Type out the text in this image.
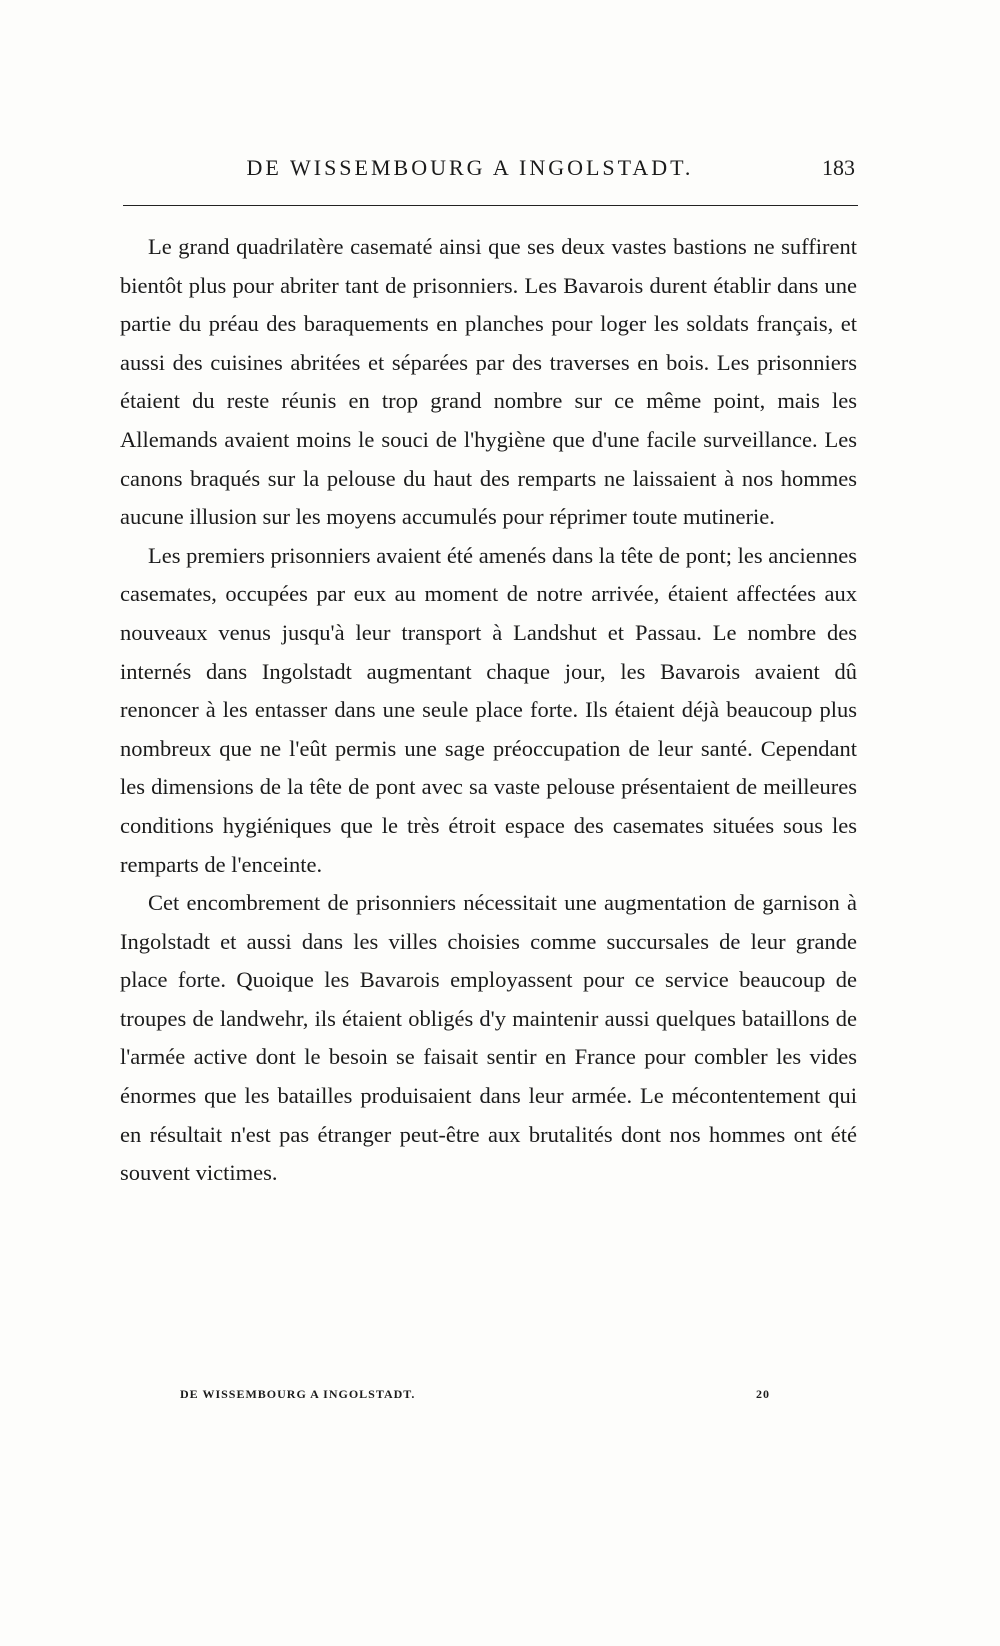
DE WISSEMBOURG A INGOLSTADT.	183

Le grand quadrilatère casematé ainsi que ses deux vastes bastions ne suffirent bientôt plus pour abriter tant de prisonniers. Les Bavarois durent établir dans une partie du préau des baraquements en planches pour loger les soldats français, et aussi des cuisines abritées et séparées par des traverses en bois. Les prisonniers étaient du reste réunis en trop grand nombre sur ce même point, mais les Allemands avaient moins le souci de l'hygiène que d'une facile surveillance. Les canons braqués sur la pelouse du haut des remparts ne laissaient à nos hommes aucune illusion sur les moyens accumulés pour réprimer toute mutinerie.

Les premiers prisonniers avaient été amenés dans la tête de pont; les anciennes casemates, occupées par eux au moment de notre arrivée, étaient affectées aux nouveaux venus jusqu'à leur transport à Landshut et Passau. Le nombre des internés dans Ingolstadt augmentant chaque jour, les Bavarois avaient dû renoncer à les entasser dans une seule place forte. Ils étaient déjà beaucoup plus nombreux que ne l'eût permis une sage préoccupation de leur santé. Cependant les dimensions de la tête de pont avec sa vaste pelouse présentaient de meilleures conditions hygiéniques que le très étroit espace des casemates situées sous les remparts de l'enceinte.

Cet encombrement de prisonniers nécessitait une augmentation de garnison à Ingolstadt et aussi dans les villes choisies comme succursales de leur grande place forte. Quoique les Bavarois employassent pour ce service beaucoup de troupes de landwehr, ils étaient obligés d'y maintenir aussi quelques bataillons de l'armée active dont le besoin se faisait sentir en France pour combler les vides énormes que les batailles produisaient dans leur armée. Le mécontentement qui en résultait n'est pas étranger peut-être aux brutalités dont nos hommes ont été souvent victimes.

DE WISSEMBOURG A INGOLSTADT.	20
